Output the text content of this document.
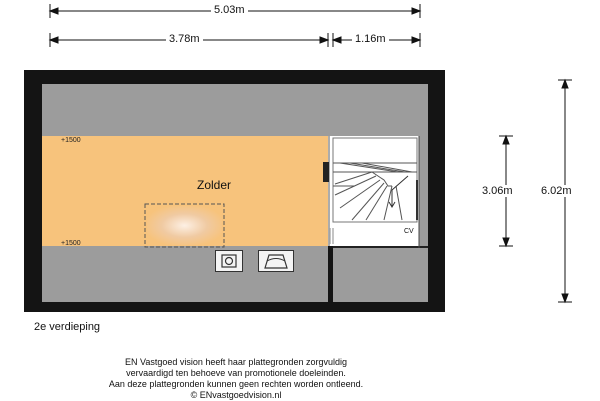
5.03m
3.78m	1.16m
3.06m	6.02m
+1500
+1500
Zolder
CV
2e verdieping
EN Vastgoed vision heeft haar plattegronden zorgvuldig
vervaardigd ten behoeve van promotionele doeleinden.
Aan deze plattegronden kunnen geen rechten worden ontleend.
© ENvastgoedvision.nl
